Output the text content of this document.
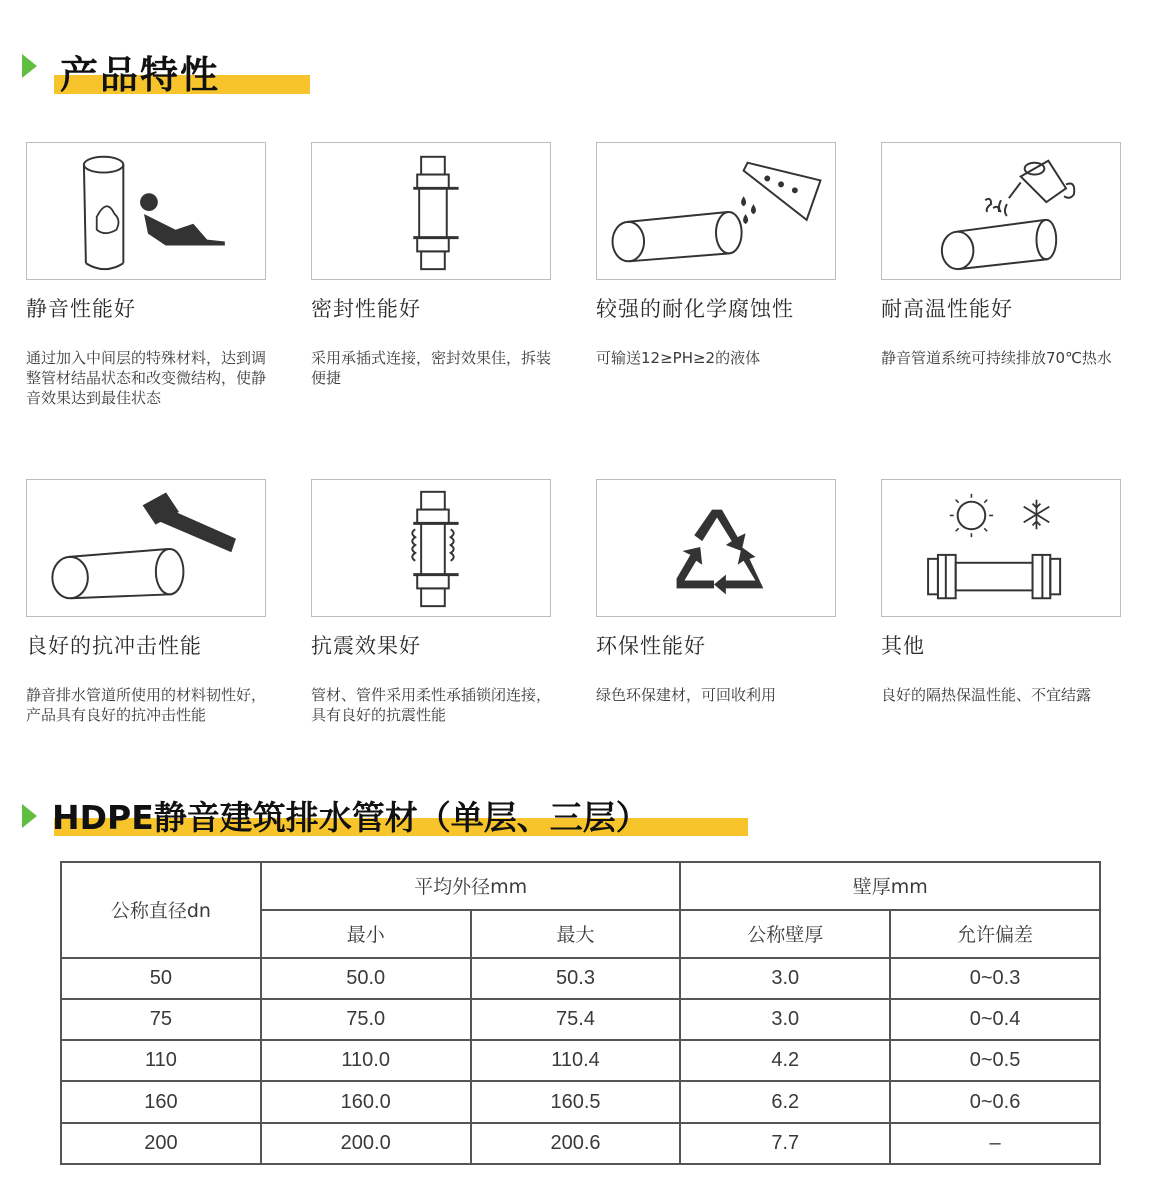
产品特性
静音性能好
通过加入中间层的特殊材料，达到调整管材结晶状态和改变微结构，使静音效果达到最佳状态
密封性能好
采用承插式连接，密封效果佳，拆装便捷
较强的耐化学腐蚀性
可输送12≥PH≥2的液体
耐高温性能好
静音管道系统可持续排放70℃热水
良好的抗冲击性能
静音排水管道所使用的材料韧性好，产品具有良好的抗冲击性能
抗震效果好
管材、管件采用柔性承插锁闭连接，具有良好的抗震性能
环保性能好
绿色环保建材，可回收利用
其他
良好的隔热保温性能、不宜结露
HDPE静音建筑排水管材（单层、三层）
公称直径dn	平均外径mm		壁厚mm	
	最小	最大	公称壁厚	允许偏差
50	50.0	50.3	3.0	0~0.3
75	75.0	75.4	3.0	0~0.4
110	110.0	110.4	4.2	0~0.5
160	160.0	160.5	6.2	0~0.6
200	200.0	200.6	7.7	–
